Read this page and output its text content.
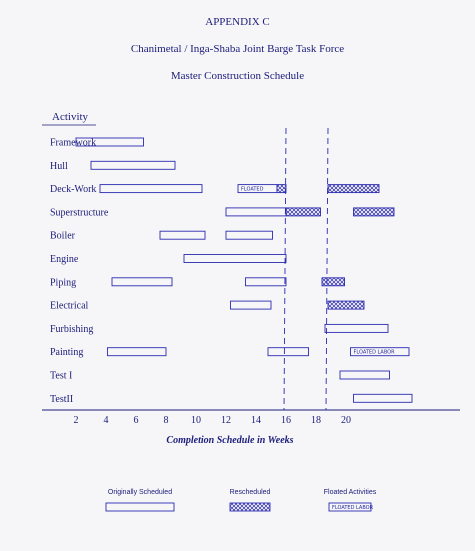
APPENDIX C
Chanimetal / Inga-Shaba Joint Barge Task Force
Master Construction Schedule
Activity
Completion Schedule in Weeks
Framework
Hull
Deck-Work
Superstructure
Boiler
Engine
Piping
Electrical
Furbishing
Painting
Test I
TestII
2	4	6	8 10 12 14 16 18 20
FLOATED
FLOATED LABOR
Originally Scheduled	Rescheduled	Floated Activities
FLOATED LABOR
